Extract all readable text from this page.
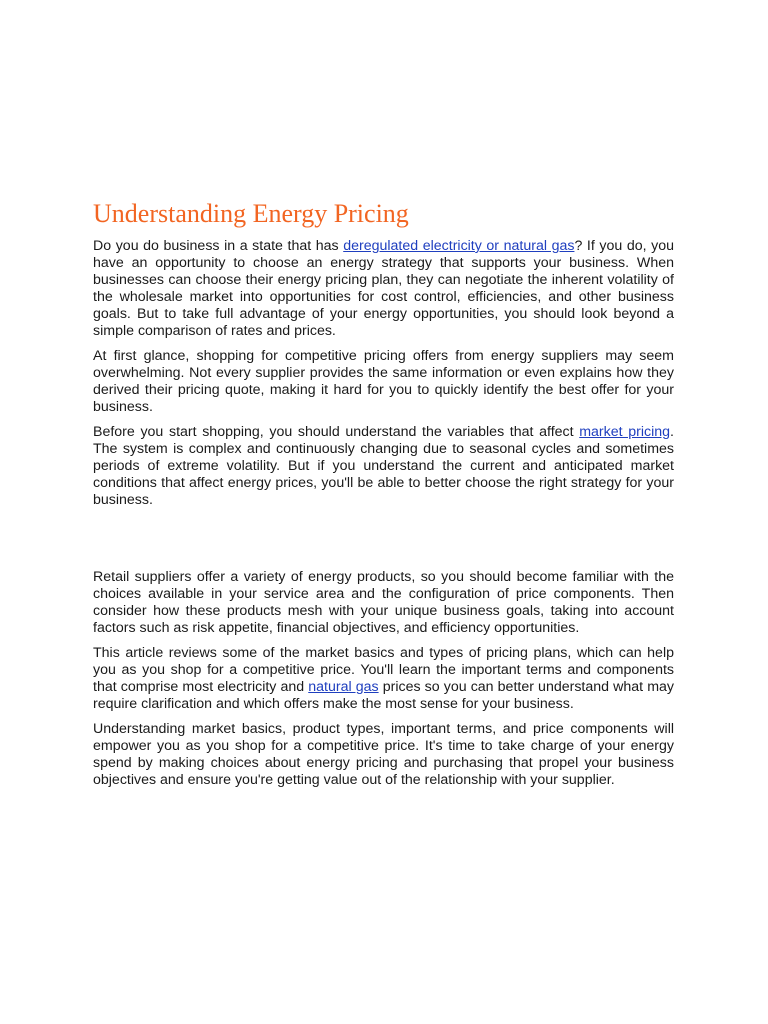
Understanding Energy Pricing

Do you do business in a state that has deregulated electricity or natural gas? If you do, you have an opportunity to choose an energy strategy that supports your business. When businesses can choose their energy pricing plan, they can negotiate the inherent volatility of the wholesale market into opportunities for cost control, efficiencies, and other business goals. But to take full advantage of your energy opportunities, you should look beyond a simple comparison of rates and prices.

At first glance, shopping for competitive pricing offers from energy suppliers may seem overwhelming. Not every supplier provides the same information or even explains how they derived their pricing quote, making it hard for you to quickly identify the best offer for your business.

Before you start shopping, you should understand the variables that affect market pricing. The system is complex and continuously changing due to seasonal cycles and sometimes periods of extreme volatility. But if you understand the current and anticipated market conditions that affect energy prices, you'll be able to better choose the right strategy for your business.

Retail suppliers offer a variety of energy products, so you should become familiar with the choices available in your service area and the configuration of price components. Then consider how these products mesh with your unique business goals, taking into account factors such as risk appetite, financial objectives, and efficiency opportunities.

This article reviews some of the market basics and types of pricing plans, which can help you as you shop for a competitive price. You'll learn the important terms and components that comprise most electricity and natural gas prices so you can better understand what may require clarification and which offers make the most sense for your business.

Understanding market basics, product types, important terms, and price components will empower you as you shop for a competitive price. It's time to take charge of your energy spend by making choices about energy pricing and purchasing that propel your business objectives and ensure you're getting value out of the relationship with your supplier.
